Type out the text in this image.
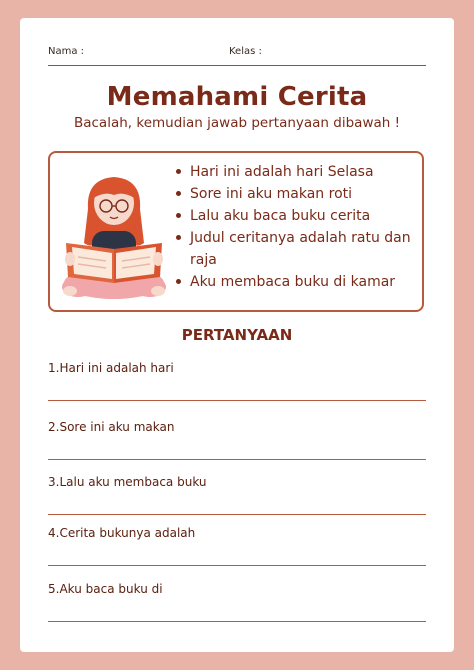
Nama :	Kelas :
Memahami Cerita
Bacalah, kemudian jawab pertanyaan dibawah !
Hari ini adalah hari Selasa
Sore ini aku makan roti
Lalu aku baca buku cerita
Judul ceritanya adalah ratu dan raja
Aku membaca buku di kamar
PERTANYAAN
1.Hari ini adalah hari
2.Sore ini aku makan
3.Lalu aku membaca buku
4.Cerita bukunya adalah
5.Aku baca buku di
